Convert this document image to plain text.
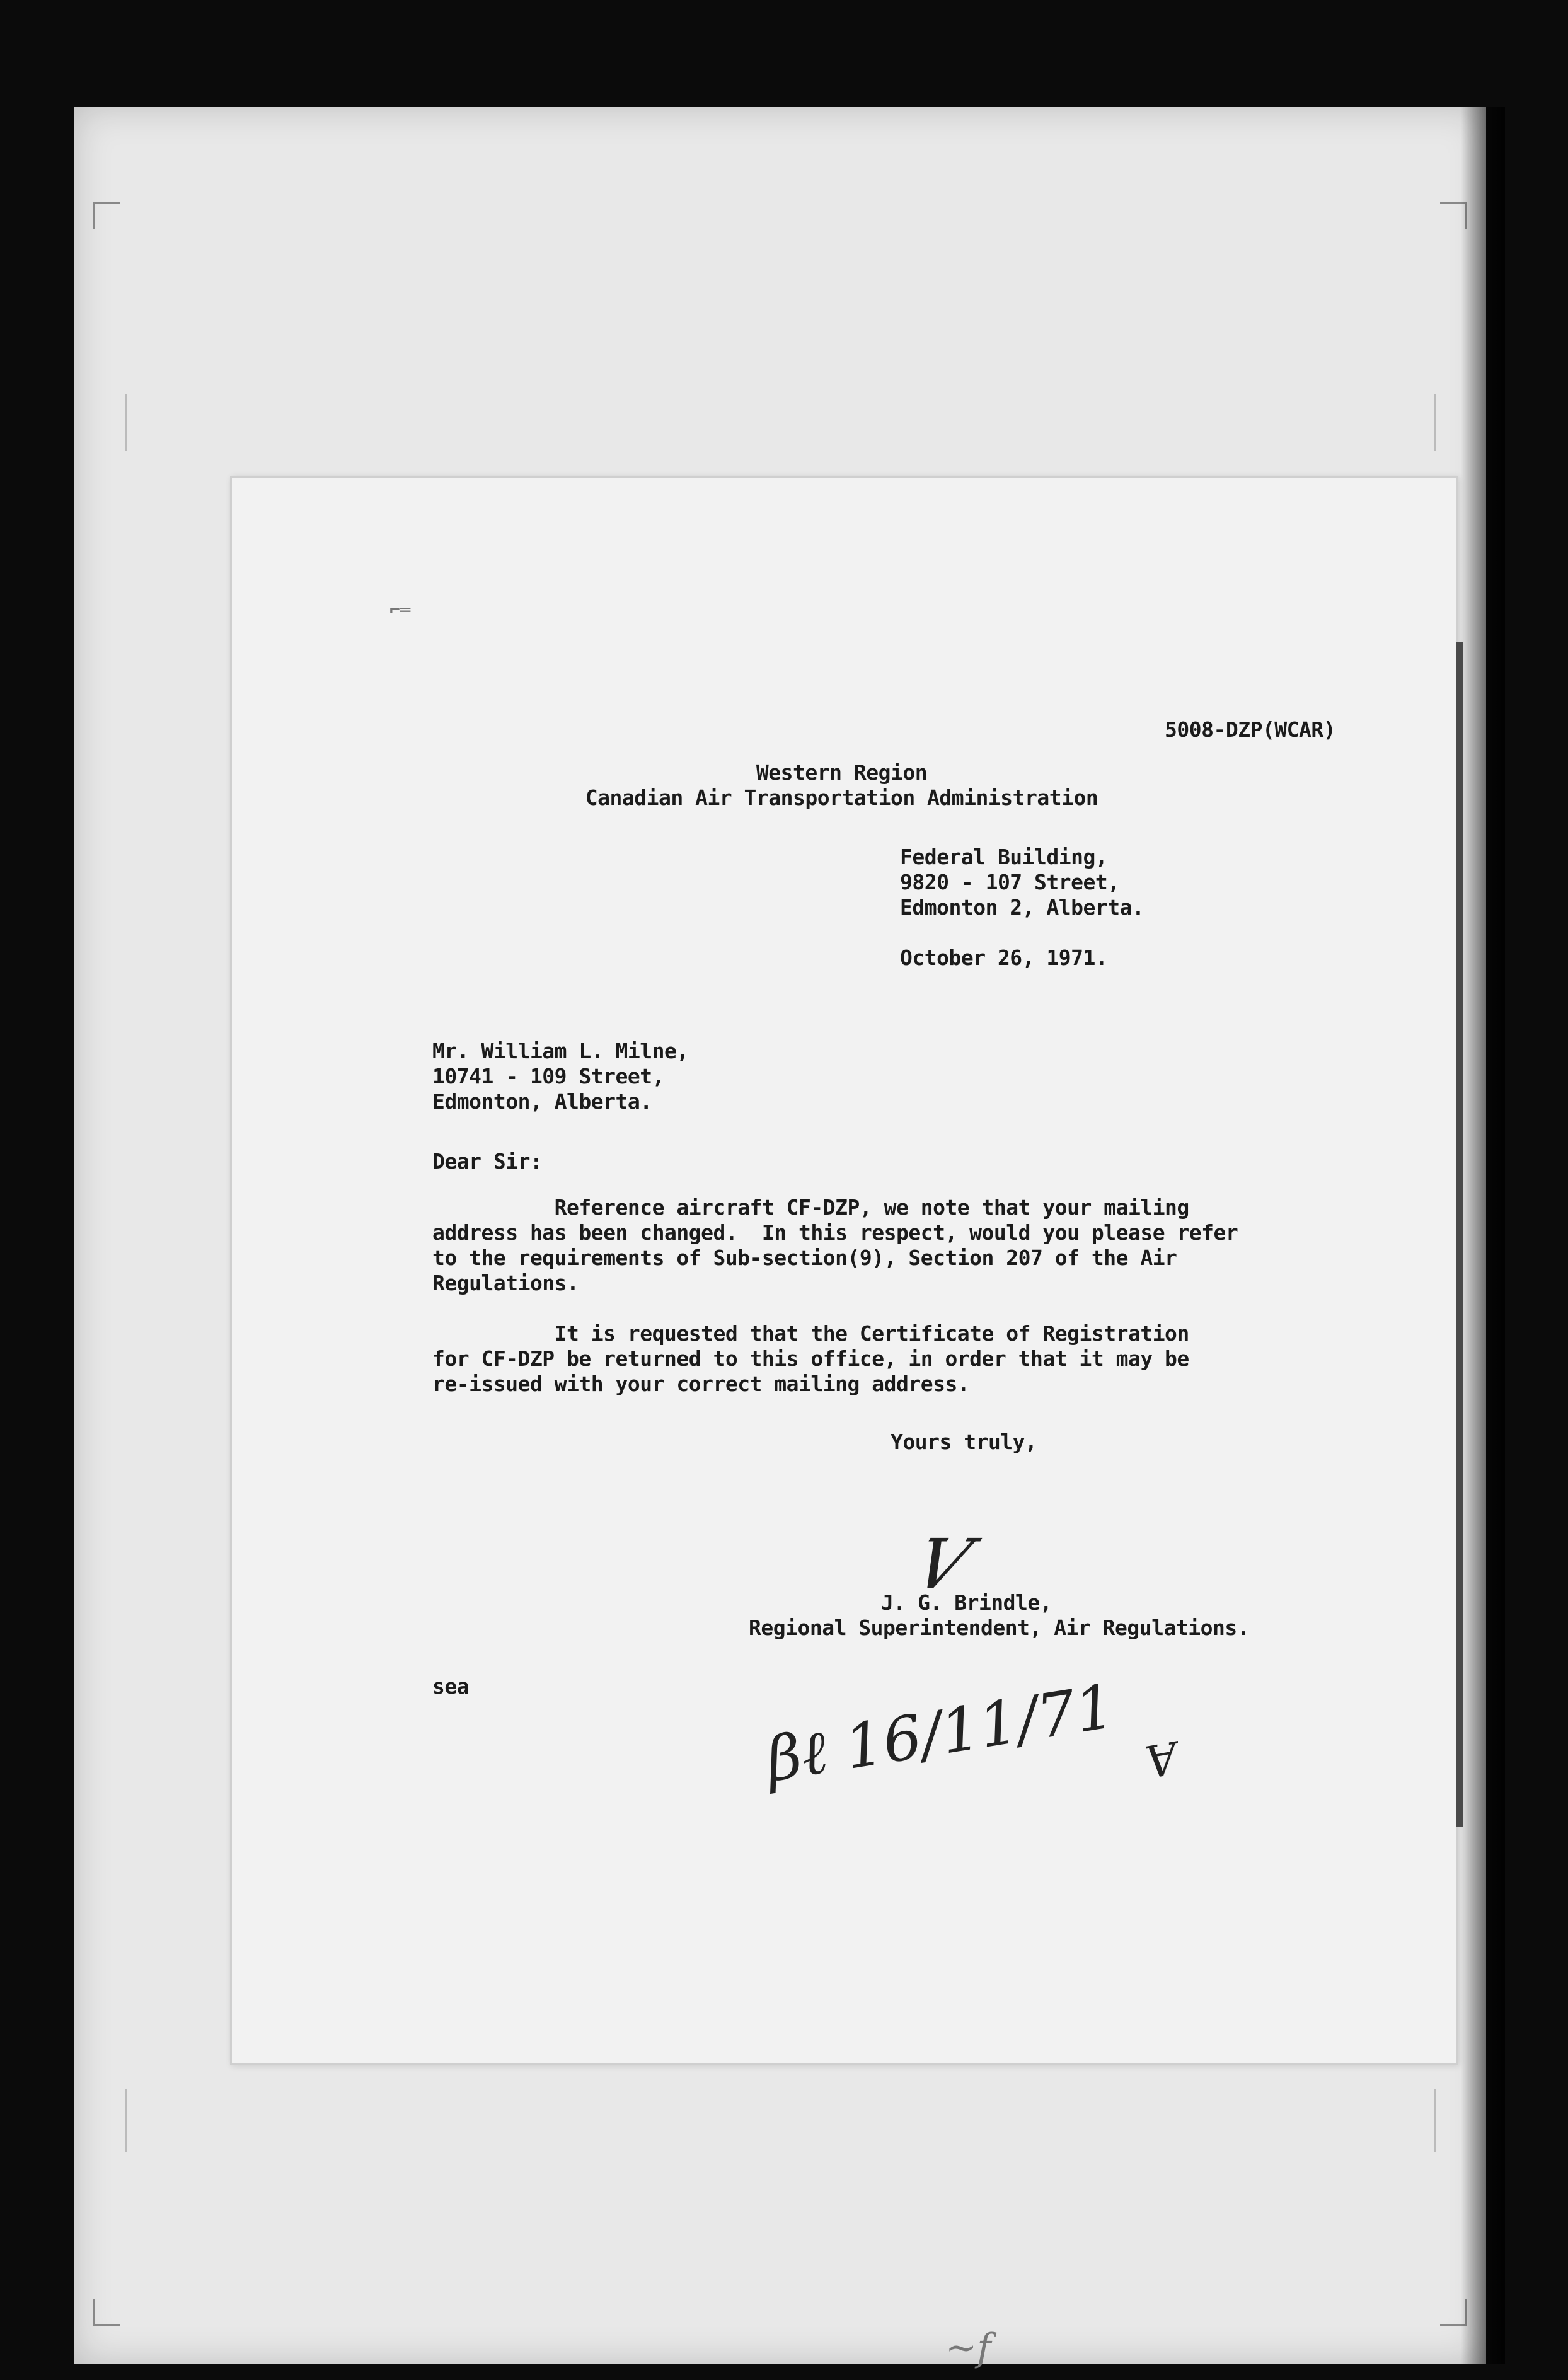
⌐═
5008-DZP(WCAR)
Western Region
Canadian Air Transportation Administration
Federal Building,
9820 - 107 Street,
Edmonton 2, Alberta.
October 26, 1971.
Mr. William L. Milne,
10741 - 109 Street,
Edmonton, Alberta.
Dear Sir:
Reference aircraft CF-DZP, we note that your mailing
address has been changed.  In this respect, would you please refer
to the requirements of Sub-section(9), Section 207 of the Air
Regulations.
It is requested that the Certificate of Registration
for CF-DZP be returned to this office, in order that it may be
re-issued with your correct mailing address.
Yours truly,
V
J. G. Brindle,
Regional Superintendent, Air Regulations.
sea	βℓ 16/11/71 Ɐ
~f
